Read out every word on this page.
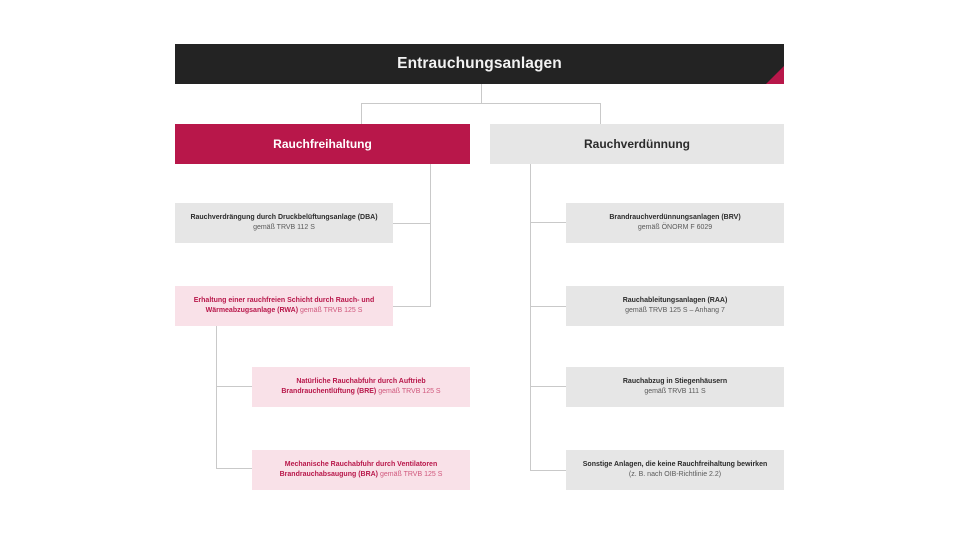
Entrauchungsanlagen
Rauchfreihaltung	Rauchverdünnung
Rauchverdrängung durch Druckbelüftungsanlage (DBA)
gemäß TRVB 112 S
Erhaltung einer rauchfreien Schicht durch Rauch- und
Wärmeabzugsanlage (RWA) gemäß TRVB 125 S
Natürliche Rauchabfuhr durch Auftrieb
Brandrauchentlüftung (BRE) gemäß TRVB 125 S
Mechanische Rauchabfuhr durch Ventilatoren
Brandrauchabsaugung (BRA) gemäß TRVB 125 S
Brandrauchverdünnungsanlagen (BRV)
gemäß ÖNORM F 6029
Rauchableitungsanlagen (RAA)
gemäß TRVB 125 S – Anhang 7
Rauchabzug in Stiegenhäusern
gemäß TRVB 111 S
Sonstige Anlagen, die keine Rauchfreihaltung bewirken
(z. B. nach OIB-Richtlinie 2.2)
